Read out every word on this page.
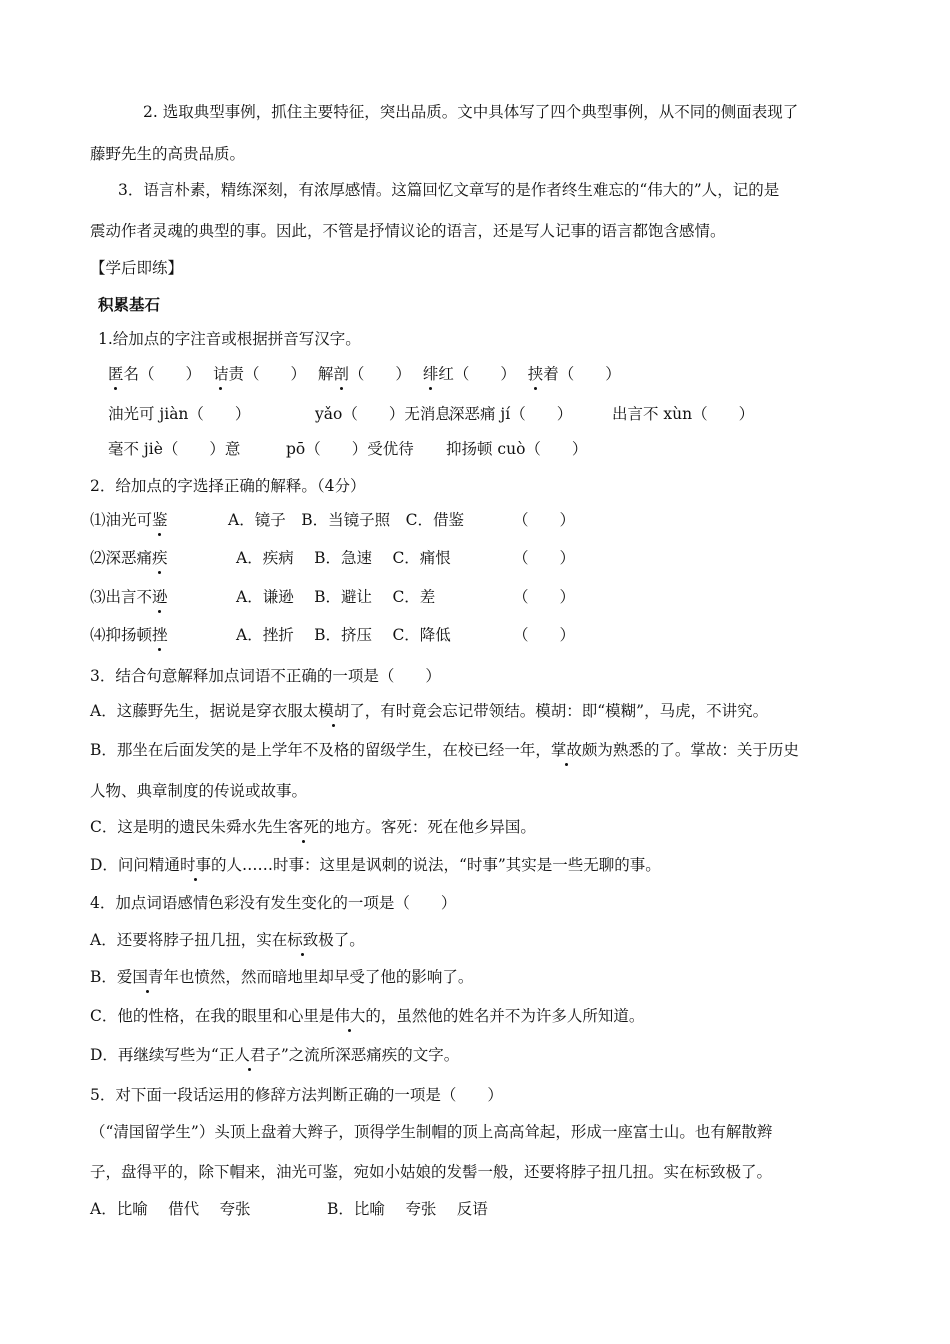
2. 选取典型事例，抓住主要特征，突出品质。文中具体写了四个典型事例，从不同的侧面表现了
藤野先生的高贵品质。
3．语言朴素，精练深刻，有浓厚感情。这篇回忆文章写的是作者终生难忘的“伟大的”人，记的是
震动作者灵魂的典型的事。因此，不管是抒情议论的语言，还是写人记事的语言都饱含感情。
【学后即练】
积累基石
1.给加点的字注音或根据拼音写汉字。
匿名（　　） 诘责（　　） 解剖（　　） 绯红（　　） 挟着（　　）
油光可 jiàn（　　）	yǎo（　　）无消息深恶痛 jí（　　）	出言不 xùn（　　）
毫不 jiè（　　）意	pō（　　）受优待 抑扬顿 cuò（　　）
2．给加点的字选择正确的解释。（4分）
⑴油光可鉴	A．镜子　B．当镜子照　C．借鉴	（　　）
⑵深恶痛疾	A．疾病　 B．急速　 C．痛恨	（　　）
⑶出言不逊	A．谦逊　 B．避让　 C．差	（　　）
⑷抑扬顿挫	A．挫折　 B．挤压　 C．降低	（　　）
3．结合句意解释加点词语不正确的一项是（　　）
A．这藤野先生，据说是穿衣服太模胡了，有时竟会忘记带领结。模胡：即“模糊”，马虎，不讲究。
B．那坐在后面发笑的是上学年不及格的留级学生，在校已经一年，掌故颇为熟悉的了。掌故：关于历史
人物、典章制度的传说或故事。
C．这是明的遗民朱舜水先生客死的地方。客死：死在他乡异国。
D．问问精通时事的人……时事：这里是讽刺的说法，“时事”其实是一些无聊的事。
4．加点词语感情色彩没有发生变化的一项是（　　）
A．还要将脖子扭几扭，实在标致极了。
B．爱国青年也愤然，然而暗地里却早受了他的影响了。
C．他的性格，在我的眼里和心里是伟大的，虽然他的姓名并不为许多人所知道。
D．再继续写些为“正人君子”之流所深恶痛疾的文字。
5．对下面一段话运用的修辞方法判断正确的一项是（　　）
（“清国留学生”）头顶上盘着大辫子，顶得学生制帽的顶上高高耸起，形成一座富士山。也有解散辫
子，盘得平的，除下帽来，油光可鉴，宛如小姑娘的发髻一般，还要将脖子扭几扭。实在标致极了。
A．比喻　 借代　 夸张	B．比喻　 夸张　 反语
